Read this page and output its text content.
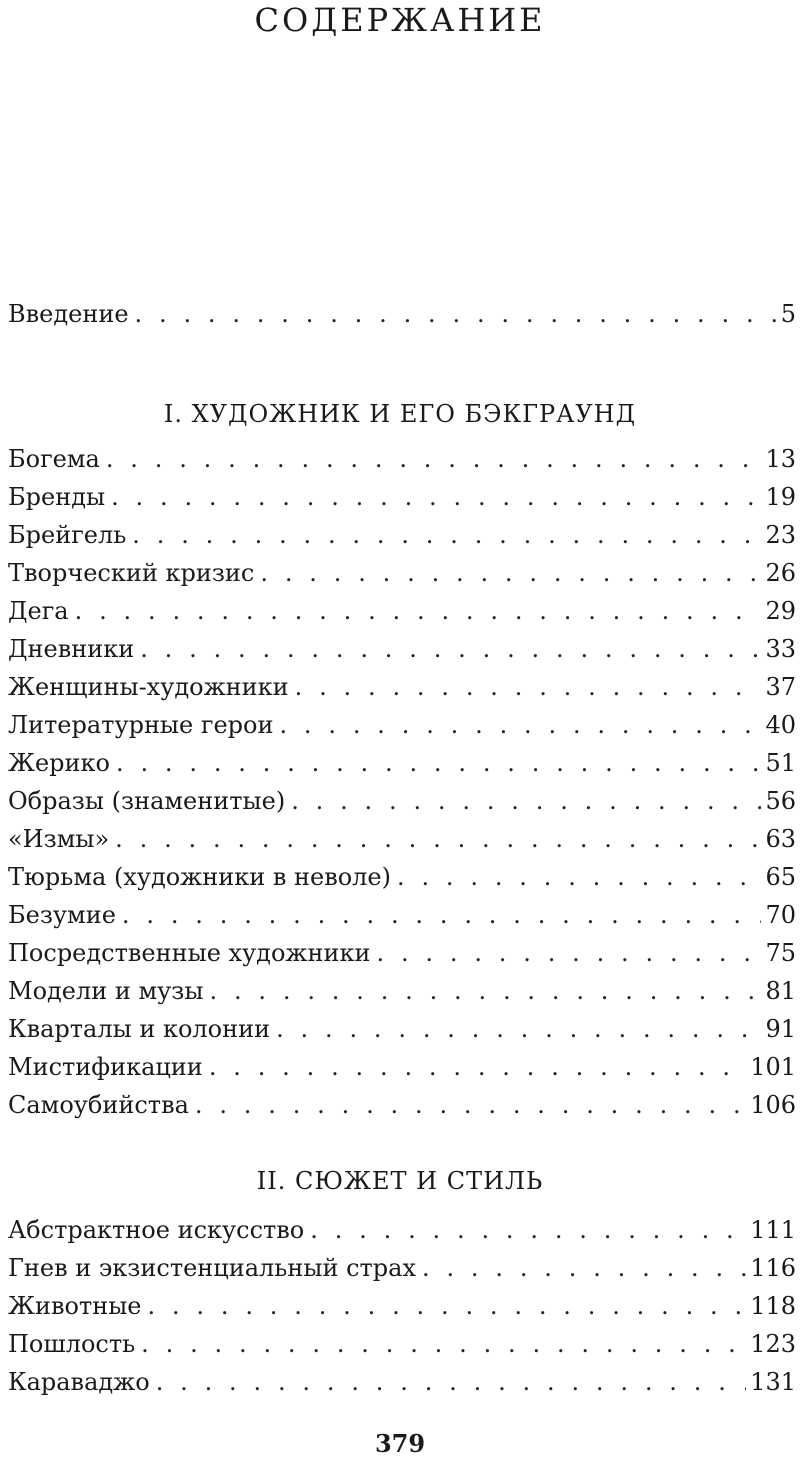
СОДЕРЖАНИЕ
Введение . . .	5
I. ХУДОЖНИК И ЕГО БЭКГРАУНД
Богема . . .	13
Бренды . . .	19
Брейгель . . .	23
Творческий кризис . . .	26
Дега . . .	29
Дневники . . .	33
Женщины-художники . . .	37
Литературные герои . . .	40
Жерико . . .	51
Образы (знаменитые) . . .	56
«Измы» . . .	63
Тюрьма (художники в неволе) . . .	65
Безумие . . .	70
Посредственные художники . . .	75
Модели и музы . . .	81
Кварталы и колонии . . .	91
Мистификации . . .	101
Самоубийства . . .	106
II. СЮЖЕТ И СТИЛЬ
Абстрактное искусство . . .	111
Гнев и экзистенциальный страх . . .	116
Животные . . .	118
Пошлость . . .	123
Караваджо . . .	131
379
